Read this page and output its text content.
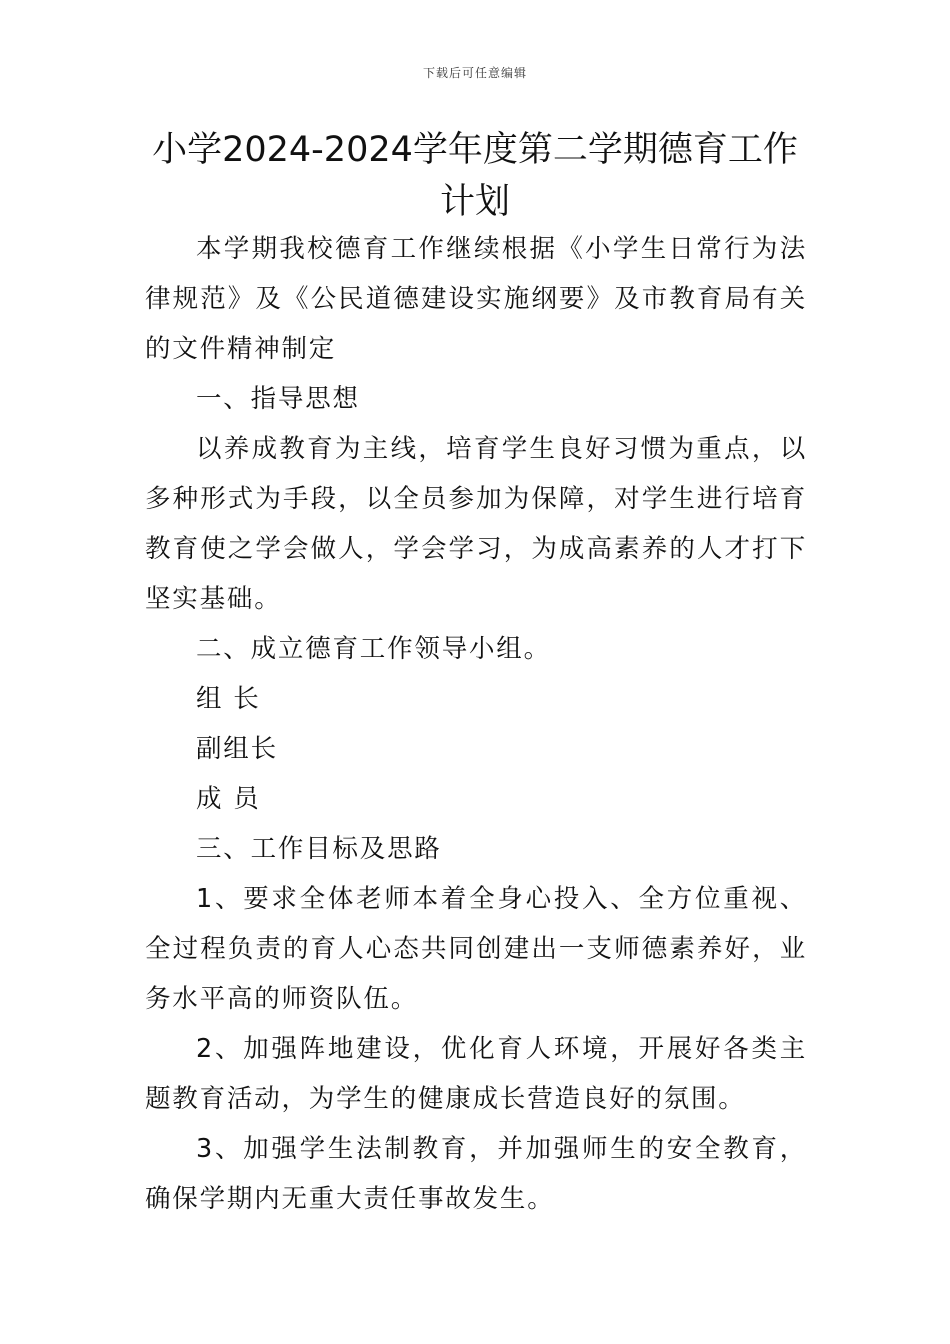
下载后可任意编辑
小学2024-2024学年度第二学期德育工作计划

本学期我校德育工作继续根据《小学生日常行为法律规范》及《公民道德建设实施纲要》及市教育局有关的文件精神制定

一、指导思想

以养成教育为主线，培育学生良好习惯为重点，以多种形式为手段，以全员参加为保障，对学生进行培育教育使之学会做人，学会学习，为成高素养的人才打下坚实基础。

二、成立德育工作领导小组。

组 长

副组长

成 员

三、工作目标及思路

1、要求全体老师本着全身心投入、全方位重视、全过程负责的育人心态共同创建出一支师德素养好，业务水平高的师资队伍。

2、加强阵地建设，优化育人环境，开展好各类主题教育活动，为学生的健康成长营造良好的氛围。

3、加强学生法制教育，并加强师生的安全教育，确保学期内无重大责任事故发生。
